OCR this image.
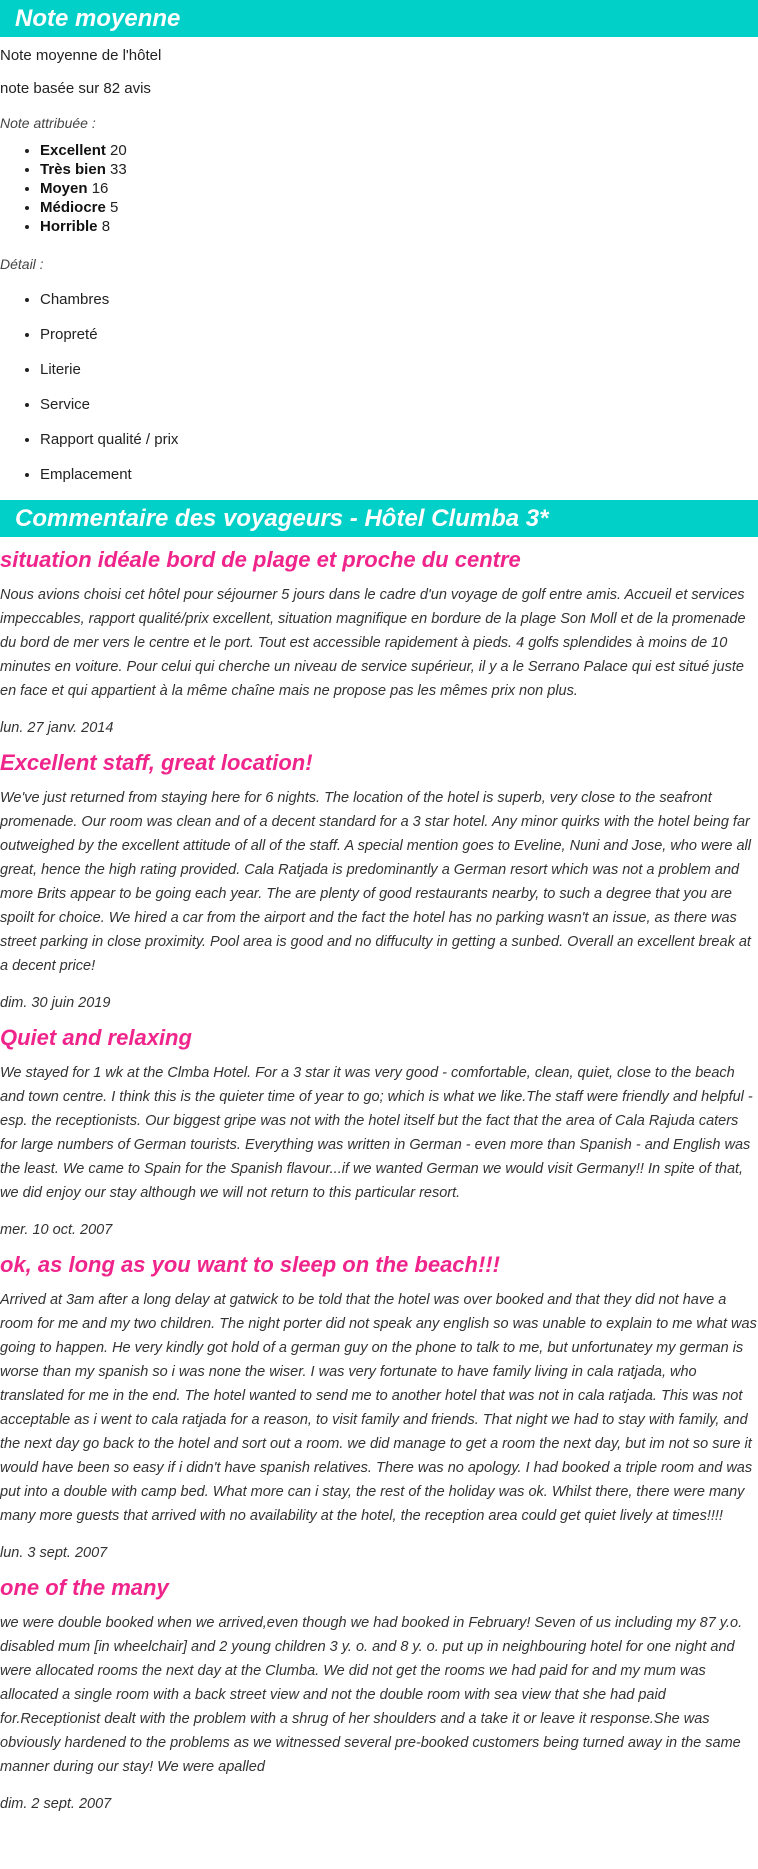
Note moyenne

Note moyenne de l'hôtel

note basée sur 82 avis

Note attribuée :

• Excellent 20
• Très bien 33
• Moyen 16
• Médiocre 5
• Horrible 8

Détail :

• Chambres
• Propreté
• Literie
• Service
• Rapport qualité / prix
• Emplacement
Commentaire des voyageurs - Hôtel Clumba 3*
situation idéale bord de plage et proche du centre

Nous avions choisi cet hôtel pour séjourner 5 jours dans le cadre d'un voyage de golf entre amis. Accueil et services impeccables, rapport qualité/prix excellent, situation magnifique en bordure de la plage Son Moll et de la promenade du bord de mer vers le centre et le port. Tout est accessible rapidement à pieds. 4 golfs splendides à moins de 10 minutes en voiture. Pour celui qui cherche un niveau de service supérieur, il y a le Serrano Palace qui est situé juste en face et qui appartient à la même chaîne mais ne propose pas les mêmes prix non plus.

lun. 27 janv. 2014

Excellent staff, great location!

We've just returned from staying here for 6 nights. The location of the hotel is superb, very close to the seafront promenade. Our room was clean and of a decent standard for a 3 star hotel. Any minor quirks with the hotel being far outweighed by the excellent attitude of all of the staff. A special mention goes to Eveline, Nuni and Jose, who were all great, hence the high rating provided. Cala Ratjada is predominantly a German resort which was not a problem and more Brits appear to be going each year. The are plenty of good restaurants nearby, to such a degree that you are spoilt for choice. We hired a car from the airport and the fact the hotel has no parking wasn't an issue, as there was street parking in close proximity. Pool area is good and no diffuculty in getting a sunbed. Overall an excellent break at a decent price!

dim. 30 juin 2019

Quiet and relaxing

We stayed for 1 wk at the Clmba Hotel. For a 3 star it was very good - comfortable, clean, quiet, close to the beach and town centre. I think this is the quieter time of year to go; which is what we like.The staff were friendly and helpful - esp. the receptionists. Our biggest gripe was not with the hotel itself but the fact that the area of Cala Rajuda caters for large numbers of German tourists. Everything was written in German - even more than Spanish - and English was the least. We came to Spain for the Spanish flavour...if we wanted German we would visit Germany!! In spite of that, we did enjoy our stay although we will not return to this particular resort.

mer. 10 oct. 2007

ok, as long as you want to sleep on the beach!!!

Arrived at 3am after a long delay at gatwick to be told that the hotel was over booked and that they did not have a room for me and my two children. The night porter did not speak any english so was unable to explain to me what was going to happen. He very kindly got hold of a german guy on the phone to talk to me, but unfortunatey my german is worse than my spanish so i was none the wiser. I was very fortunate to have family living in cala ratjada, who translated for me in the end. The hotel wanted to send me to another hotel that was not in cala ratjada. This was not acceptable as i went to cala ratjada for a reason, to visit family and friends. That night we had to stay with family, and the next day go back to the hotel and sort out a room. we did manage to get a room the next day, but im not so sure it would have been so easy if i didn't have spanish relatives. There was no apology. I had booked a triple room and was put into a double with camp bed. What more can i stay, the rest of the holiday was ok. Whilst there, there were many many more guests that arrived with no availability at the hotel, the reception area could get quiet lively at times!!!!

lun. 3 sept. 2007

one of the many

we were double booked when we arrived,even though we had booked in February! Seven of us including my 87 y.o. disabled mum [in wheelchair] and 2 young children 3 y. o. and 8 y. o. put up in neighbouring hotel for one night and were allocated rooms the next day at the Clumba. We did not get the rooms we had paid for and my mum was allocated a single room with a back street view and not the double room with sea view that she had paid for.Receptionist dealt with the problem with a shrug of her shoulders and a take it or leave it response.She was obviously hardened to the problems as we witnessed several pre-booked customers being turned away in the same manner during our stay! We were apalled

dim. 2 sept. 2007
